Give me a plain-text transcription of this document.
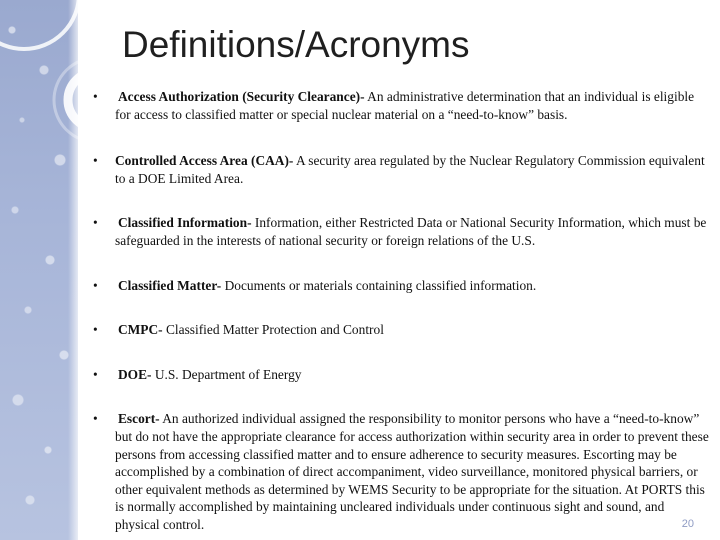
Definitions/Acronyms
• Access Authorization (Security Clearance)- An administrative determination that an individual is eligible for access to classified matter or special nuclear material on a “need-to-know” basis.
• Controlled Access Area (CAA)- A security area regulated by the Nuclear Regulatory Commission equivalent to a DOE Limited Area.
• Classified Information- Information, either Restricted Data or National Security Information, which must be safeguarded in the interests of national security or foreign relations of the U.S.
• Classified Matter- Documents or materials containing classified information.
• CMPC- Classified Matter Protection and Control
• DOE- U.S. Department of Energy
• Escort- An authorized individual assigned the responsibility to monitor persons who have a “need-to-know” but do not have the appropriate clearance for access authorization within security area in order to prevent these persons from accessing classified matter and to ensure adherence to security measures. Escorting may be accomplished by a combination of direct accompaniment, video surveillance, monitored physical barriers, or other equivalent methods as determined by WEMS Security to be appropriate for the situation. At PORTS this is normally accomplished by maintaining uncleared individuals under continuous sight and sound, and physical control.	20
